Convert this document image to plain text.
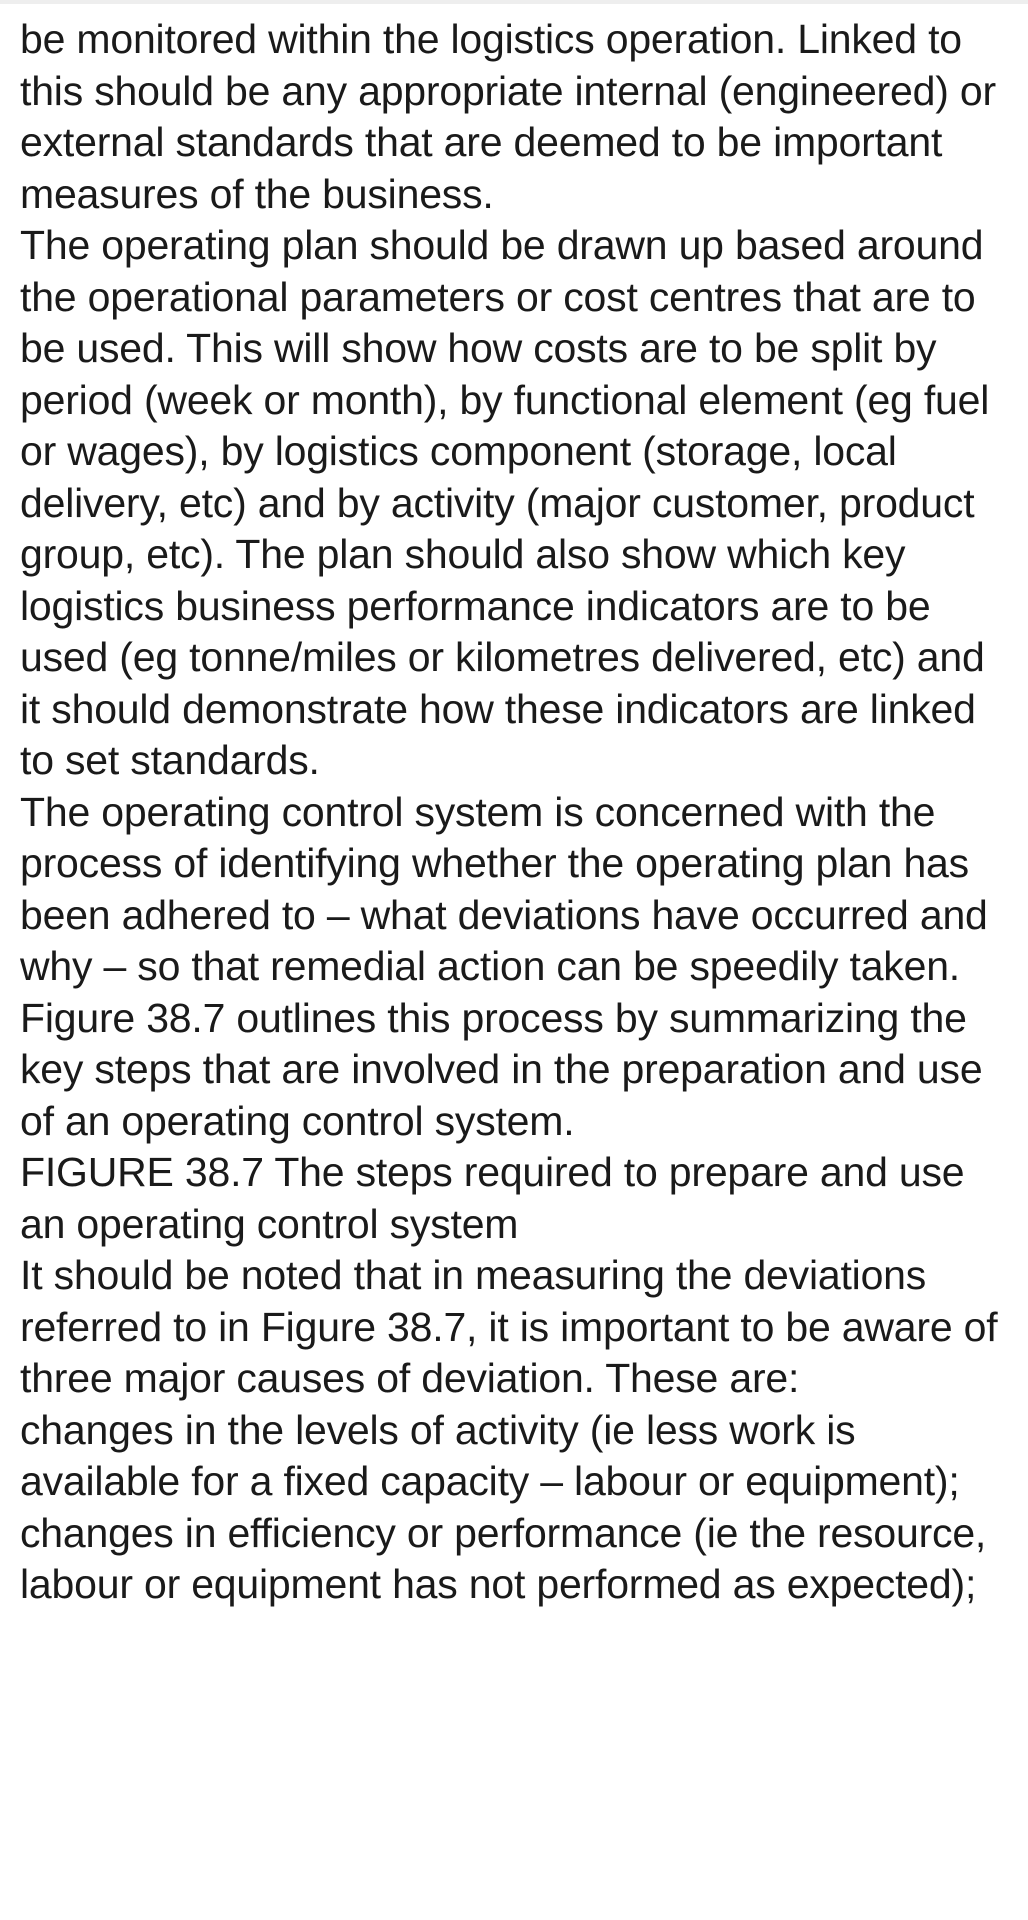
be monitored within the logistics operation. Linked to this should be any appropriate internal (engineered) or external standards that are deemed to be important measures of the business.

The operating plan should be drawn up based around the operational parameters or cost centres that are to be used. This will show how costs are to be split by period (week or month), by functional element (eg fuel or wages), by logistics component (storage, local delivery, etc) and by activity (major customer, product group, etc). The plan should also show which key logistics business performance indicators are to be used (eg tonne/miles or kilometres delivered, etc) and it should demonstrate how these indicators are linked to set standards.

The operating control system is concerned with the process of identifying whether the operating plan has been adhered to – what deviations have occurred and why – so that remedial action can be speedily taken. Figure 38.7 outlines this process by summarizing the key steps that are involved in the preparation and use of an operating control system.

FIGURE 38.7 The steps required to prepare and use an operating control system

It should be noted that in measuring the deviations referred to in Figure 38.7, it is important to be aware of three major causes of deviation. These are:

changes in the levels of activity (ie less work is available for a fixed capacity – labour or equipment);

changes in efficiency or performance (ie the resource, labour or equipment has not performed as expected);
